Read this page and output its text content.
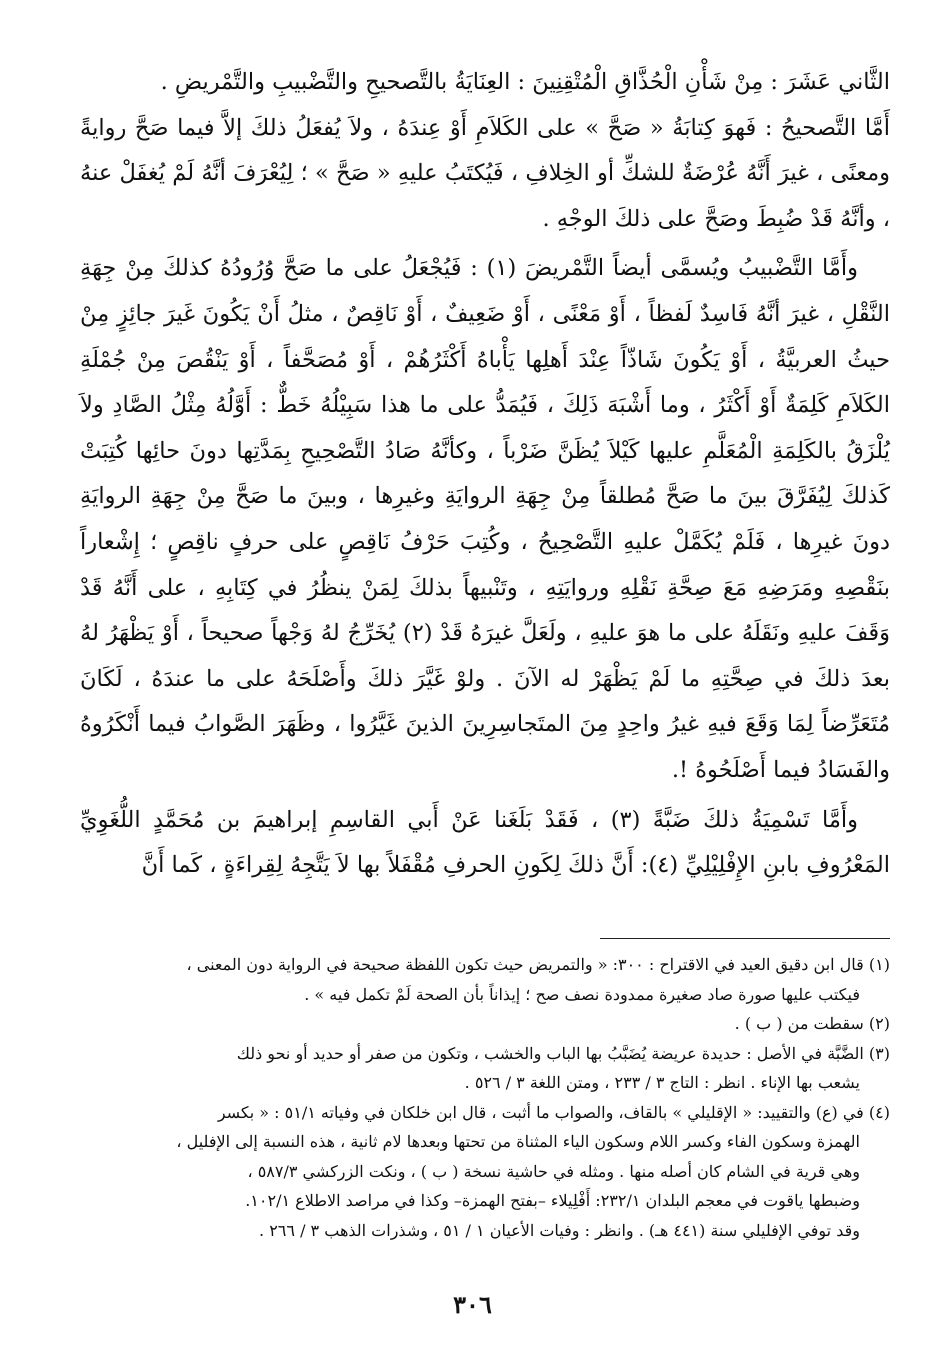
الثَّاني عَشَرَ : مِنْ شَأْنِ الْحُذَّاقِ الْمُتْقِنِينَ : العِنَايَةُ بالتَّصحيحِ والتَّضْبيبِ والتَّمْريضِ .

أَمَّا التَّصحيحُ : فَهوَ كِتابَةُ « صَحَّ » على الكَلاَمِ أَوْ عِندَهُ ، ولاَ يُفعَلُ ذلكَ إلاَّ فيما صَحَّ روايةً ومعنًى ، غيرَ أَنَّهُ عُرْضَةٌ للشكِّ أو الخِلافِ ، فَيُكتَبُ عليهِ « صَحَّ » ؛ لِيُعْرَفَ أنَّهُ لَمْ يُغفَلْ عنهُ ، وأنَّهُ قَدْ ضُبِطَ وصَحَّ على ذلكَ الوجْهِ .

وأَمَّا التَّضْبيبُ ويُسمَّى أيضاً التَّمْريضَ (١) : فَيُجْعَلُ على ما صَحَّ وُرُودُهُ كذلكَ مِنْ جِهَةِ النَّقْلِ ، غيرَ أنَّهُ فَاسِدٌ لَفظاً ، أَوْ مَعْنًى ، أَوْ ضَعِيفٌ ، أَوْ نَاقِصٌ ، مثلُ أَنْ يَكُونَ غَيرَ جائِزٍ مِنْ حيثُ العربيَّةُ ، أَوْ يَكُونَ شَاذّاً عِنْدَ أَهلِها يَأْباهُ أَكْثَرُهُمْ ، أَوْ مُصَحَّفاً ، أَوْ يَنْقُصَ مِنْ جُمْلَةِ الكَلاَمِ كَلِمَةٌ أَوْ أَكْثَرُ ، وما أَشْبَهَ ذَلِكَ ، فَيُمَدُّ على ما هذا سَبِيْلُهُ خَطٌّ : أَوَّلُهُ مِثْلُ الصَّادِ ولاَ يُلْزَقُ بالكَلِمَةِ الْمُعَلَّمِ عليها كَيْلاَ يُظَنَّ ضَرْباً ، وكأنَّهُ صَادُ التَّصْحِيحِ بِمَدَّتِها دونَ حائِها كُتِبَتْ كَذلكَ لِيُفَرَّقَ بينَ ما صَحَّ مُطلقاً مِنْ جِهَةِ الروايَةِ وغيرِها ، وبينَ ما صَحَّ مِنْ جِهَةِ الروايَةِ دونَ غيرِها ، فَلَمْ يُكَمَّلْ عليهِ التَّصْحِيحُ ، وكُتِبَ حَرْفُ نَاقِصٍ على حرفٍ ناقِصٍ ؛ إِشْعاراً بنَقْصِهِ ومَرَضِهِ مَعَ صِحَّةِ نَقْلِهِ وروايَتِهِ ، وتَنْبيهاً بذلكَ لِمَنْ ينظُرُ في كِتَابِهِ ، على أَنَّهُ قَدْ وَقَفَ عليهِ ونَقَلَهُ على ما هوَ عليهِ ، ولَعَلَّ غيرَهُ قَدْ (٢) يُخَرِّجُ لهُ وَجْهاً صحيحاً ، أَوْ يَظْهَرُ لهُ بعدَ ذلكَ في صِحَّتِهِ ما لَمْ يَظْهَرْ له الآنَ . ولوْ غَيَّرَ ذلكَ وأَصْلَحَهُ على ما عندَهُ ، لَكَانَ مُتَعَرِّضاً لِمَا وَقَعَ فيهِ غيرُ واحِدٍ مِنَ المتَجاسِرِينَ الذينَ غَيَّرُوا ، وظَهَرَ الصَّوابُ فيما أَنْكَرُوهُ والفَسَادُ فيما أَصْلَحُوهُ !.

وأَمَّا تَسْمِيَةُ ذلكَ ضَبَّةً (٣) ، فَقَدْ بَلَغَنا عَنْ أَبي القاسِمِ إبراهيمَ بن مُحَمَّدٍ اللُّغَوِيِّ المَعْرُوفِ بابنِ الإِفْلِيْلِيِّ (٤): أَنَّ ذلكَ لِكَونِ الحرفِ مُقْفَلاً بها لاَ يَتَّجِهُ لِقِراءَةٍ ، كَما أَنَّ

(١) قال ابن دقيق العيد في الاقتراح : ٣٠٠: « والتمريض حيث تكون اللفظة صحيحة في الرواية دون المعنى ،

فيكتب عليها صورة صاد صغيرة ممدودة نصف صح ؛ إيذاناً بأن الصحة لَمْ تكمل فيه » .

(٢) سقطت من ( ب ) .

(٣) الضَّبَّة في الأصل : حديدة عريضة يُضَبَّبُ بها الباب والخشب ، وتكون من صفر أو حديد أو نحو ذلك

يشعب بها الإناء . انظر : التاج ٣ / ٢٣٣ ، ومتن اللغة ٣ / ٥٢٦ .

(٤) في (ع) والتقييد: « الإقليلي » بالقاف، والصواب ما أثبت ، قال ابن خلكان في وفياته ٥١/١ : « بكسر

الهمزة وسكون الفاء وكسر اللام وسكون الياء المثناة من تحتها وبعدها لام ثانية ، هذه النسبة إلى الإفليل ،

وهي قرية في الشام كان أصله منها . ومثله في حاشية نسخة ( ب ) ، ونكت الزركشي ٥٨٧/٣ ،

وضبطها ياقوت في معجم البلدان ٢٣٢/١: أَفْلِيلاء –بفتح الهمزة– وكذا في مراصد الاطلاع ١٠٢/١.

وقد توفي الإفليلي سنة (٤٤١ هـ) . وانظر : وفيات الأعيان ١ / ٥١ ، وشذرات الذهب ٣ / ٢٦٦ .

٣٠٦
